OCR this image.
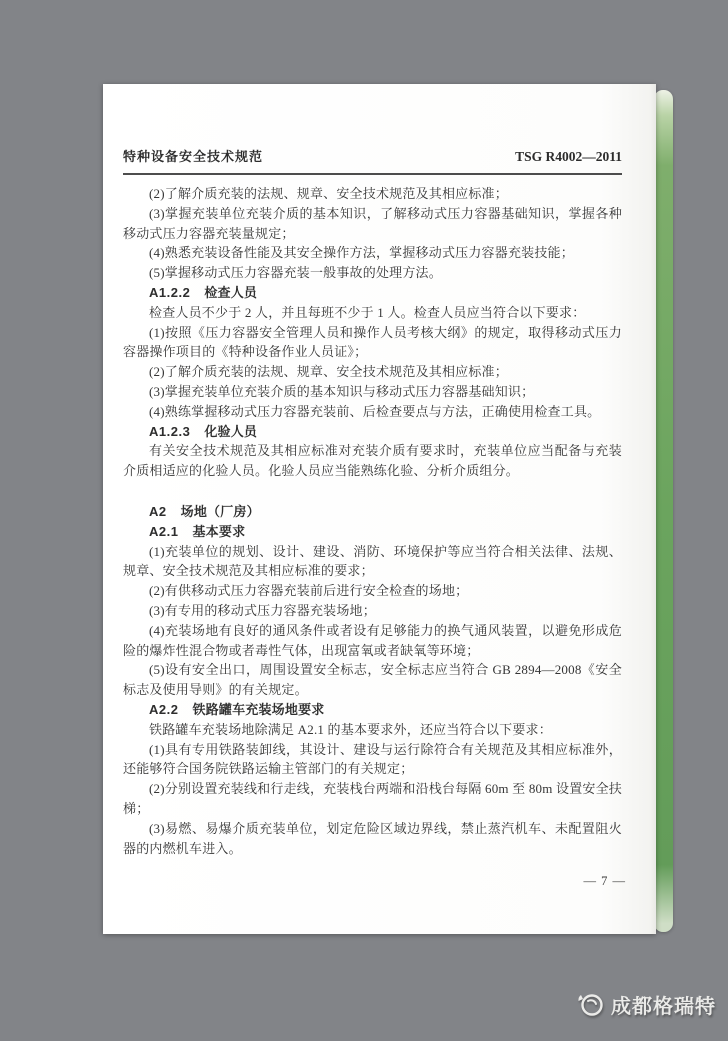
特种设备安全技术规范	TSG R4002—2011

(2)了解介质充装的法规、规章、安全技术规范及其相应标准；

(3)掌握充装单位充装介质的基本知识，了解移动式压力容器基础知识，掌握各种移动式压力容器充装量规定；

(4)熟悉充装设备性能及其安全操作方法，掌握移动式压力容器充装技能；

(5)掌握移动式压力容器充装一般事故的处理方法。

A1.2.2 检查人员

检查人员不少于 2 人，并且每班不少于 1 人。检查人员应当符合以下要求：

(1)按照《压力容器安全管理人员和操作人员考核大纲》的规定，取得移动式压力容器操作项目的《特种设备作业人员证》；

(2)了解介质充装的法规、规章、安全技术规范及其相应标准；

(3)掌握充装单位充装介质的基本知识与移动式压力容器基础知识；

(4)熟练掌握移动式压力容器充装前、后检查要点与方法，正确使用检查工具。

A1.2.3 化验人员

有关安全技术规范及其相应标准对充装介质有要求时，充装单位应当配备与充装介质相适应的化验人员。化验人员应当能熟练化验、分析介质组分。

A2 场地（厂房）

A2.1 基本要求

(1)充装单位的规划、设计、建设、消防、环境保护等应当符合相关法律、法规、规章、安全技术规范及其相应标准的要求；

(2)有供移动式压力容器充装前后进行安全检查的场地；

(3)有专用的移动式压力容器充装场地；

(4)充装场地有良好的通风条件或者设有足够能力的换气通风装置，以避免形成危险的爆炸性混合物或者毒性气体，出现富氧或者缺氧等环境；

(5)设有安全出口，周围设置安全标志，安全标志应当符合 GB 2894—2008《安全标志及使用导则》的有关规定。

A2.2 铁路罐车充装场地要求

铁路罐车充装场地除满足 A2.1 的基本要求外，还应当符合以下要求：

(1)具有专用铁路装卸线，其设计、建设与运行除符合有关规范及其相应标准外，还能够符合国务院铁路运输主管部门的有关规定；

(2)分别设置充装线和行走线，充装栈台两端和沿栈台每隔 60m 至 80m 设置安全扶梯；

(3)易燃、易爆介质充装单位，划定危险区域边界线，禁止蒸汽机车、未配置阻火器的内燃机车进入。

— 7 —
成都格瑞特
